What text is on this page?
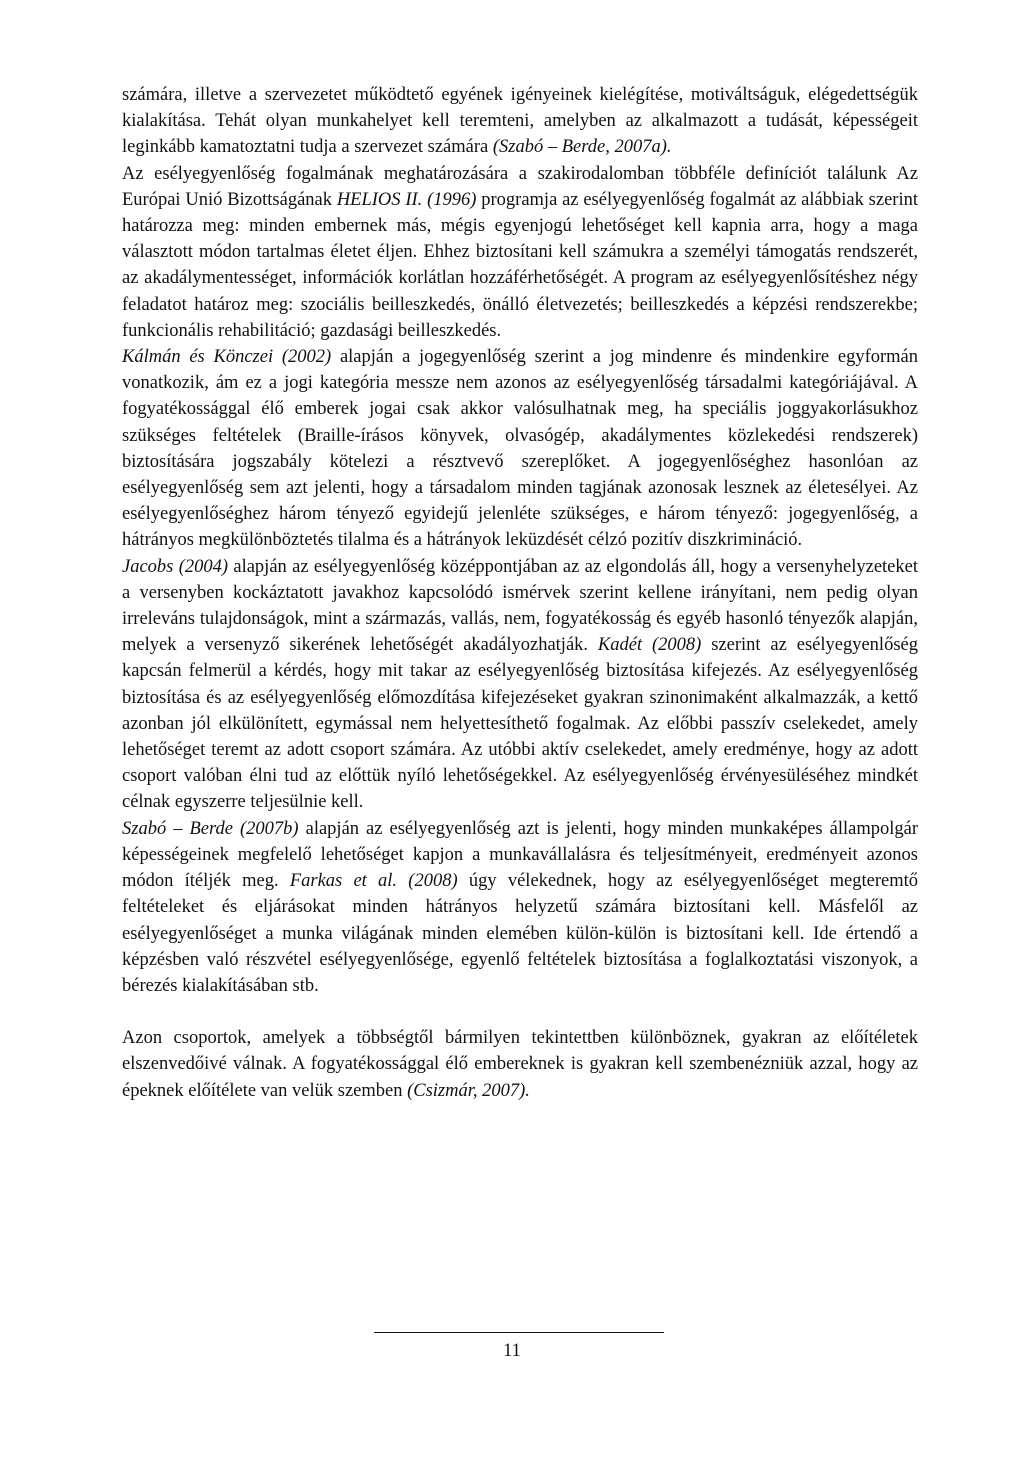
számára, illetve a szervezetet működtető egyének igényeinek kielégítése, motiváltságuk, elégedettségük kialakítása. Tehát olyan munkahelyet kell teremteni, amelyben az alkalmazott a tudását, képességeit leginkább kamatoztatni tudja a szervezet számára (Szabó – Berde, 2007a).

Az esélyegyenlőség fogalmának meghatározására a szakirodalomban többféle definíciót találunk Az Európai Unió Bizottságának HELIOS II. (1996) programja az esélyegyenlőség fogalmát az alábbiak szerint határozza meg: minden embernek más, mégis egyenjogú lehetőséget kell kapnia arra, hogy a maga választott módon tartalmas életet éljen. Ehhez biztosítani kell számukra a személyi támogatás rendszerét, az akadálymentességet, információk korlátlan hozzáférhetőségét. A program az esélyegyenlősítéshez négy feladatot határoz meg: szociális beilleszkedés, önálló életvezetés; beilleszkedés a képzési rendszerekbe; funkcionális rehabilitáció; gazdasági beilleszkedés.

Kálmán és Könczei (2002) alapján a jogegyenlőség szerint a jog mindenre és mindenkire egyformán vonatkozik, ám ez a jogi kategória messze nem azonos az esélyegyenlőség társadalmi kategóriájával. A fogyatékossággal élő emberek jogai csak akkor valósulhatnak meg, ha speciális joggyakorlásukhoz szükséges feltételek (Braille-írásos könyvek, olvasógép, akadálymentes közlekedési rendszerek) biztosítására jogszabály kötelezi a résztvevő szereplőket. A jogegyenlőséghez hasonlóan az esélyegyenlőség sem azt jelenti, hogy a társadalom minden tagjának azonosak lesznek az életesélyei. Az esélyegyenlőséghez három tényező egyidejű jelenléte szükséges, e három tényező: jogegyenlőség, a hátrányos megkülönböztetés tilalma és a hátrányok leküzdését célzó pozitív diszkrimináció.

Jacobs (2004) alapján az esélyegyenlőség középpontjában az az elgondolás áll, hogy a versenyhelyzeteket a versenyben kockáztatott javakhoz kapcsolódó ismérvek szerint kellene irányítani, nem pedig olyan irreleváns tulajdonságok, mint a származás, vallás, nem, fogyatékosság és egyéb hasonló tényezők alapján, melyek a versenyző sikerének lehetőségét akadályozhatják. Kadét (2008) szerint az esélyegyenlőség kapcsán felmerül a kérdés, hogy mit takar az esélyegyenlőség biztosítása kifejezés. Az esélyegyenlőség biztosítása és az esélyegyenlőség előmozdítása kifejezéseket gyakran szinonimaként alkalmazzák, a kettő azonban jól elkülönített, egymással nem helyettesíthető fogalmak. Az előbbi passzív cselekedet, amely lehetőséget teremt az adott csoport számára. Az utóbbi aktív cselekedet, amely eredménye, hogy az adott csoport valóban élni tud az előttük nyíló lehetőségekkel. Az esélyegyenlőség érvényesüléséhez mindkét célnak egyszerre teljesülnie kell.

Szabó – Berde (2007b) alapján az esélyegyenlőség azt is jelenti, hogy minden munkaképes állampolgár képességeinek megfelelő lehetőséget kapjon a munkavállalásra és teljesítményeit, eredményeit azonos módon ítéljék meg. Farkas et al. (2008) úgy vélekednek, hogy az esélyegyenlőséget megteremtő feltételeket és eljárásokat minden hátrányos helyzetű számára biztosítani kell. Másfelől az esélyegyenlőséget a munka világának minden elemében külön-külön is biztosítani kell. Ide értendő a képzésben való részvétel esélyegyenlősége, egyenlő feltételek biztosítása a foglalkoztatási viszonyok, a bérezés kialakításában stb.

Azon csoportok, amelyek a többségtől bármilyen tekintettben különböznek, gyakran az előítéletek elszenvedőivé válnak. A fogyatékossággal élő embereknek is gyakran kell szembenézniük azzal, hogy az épeknek előítélete van velük szemben (Csizmár, 2007).

11
